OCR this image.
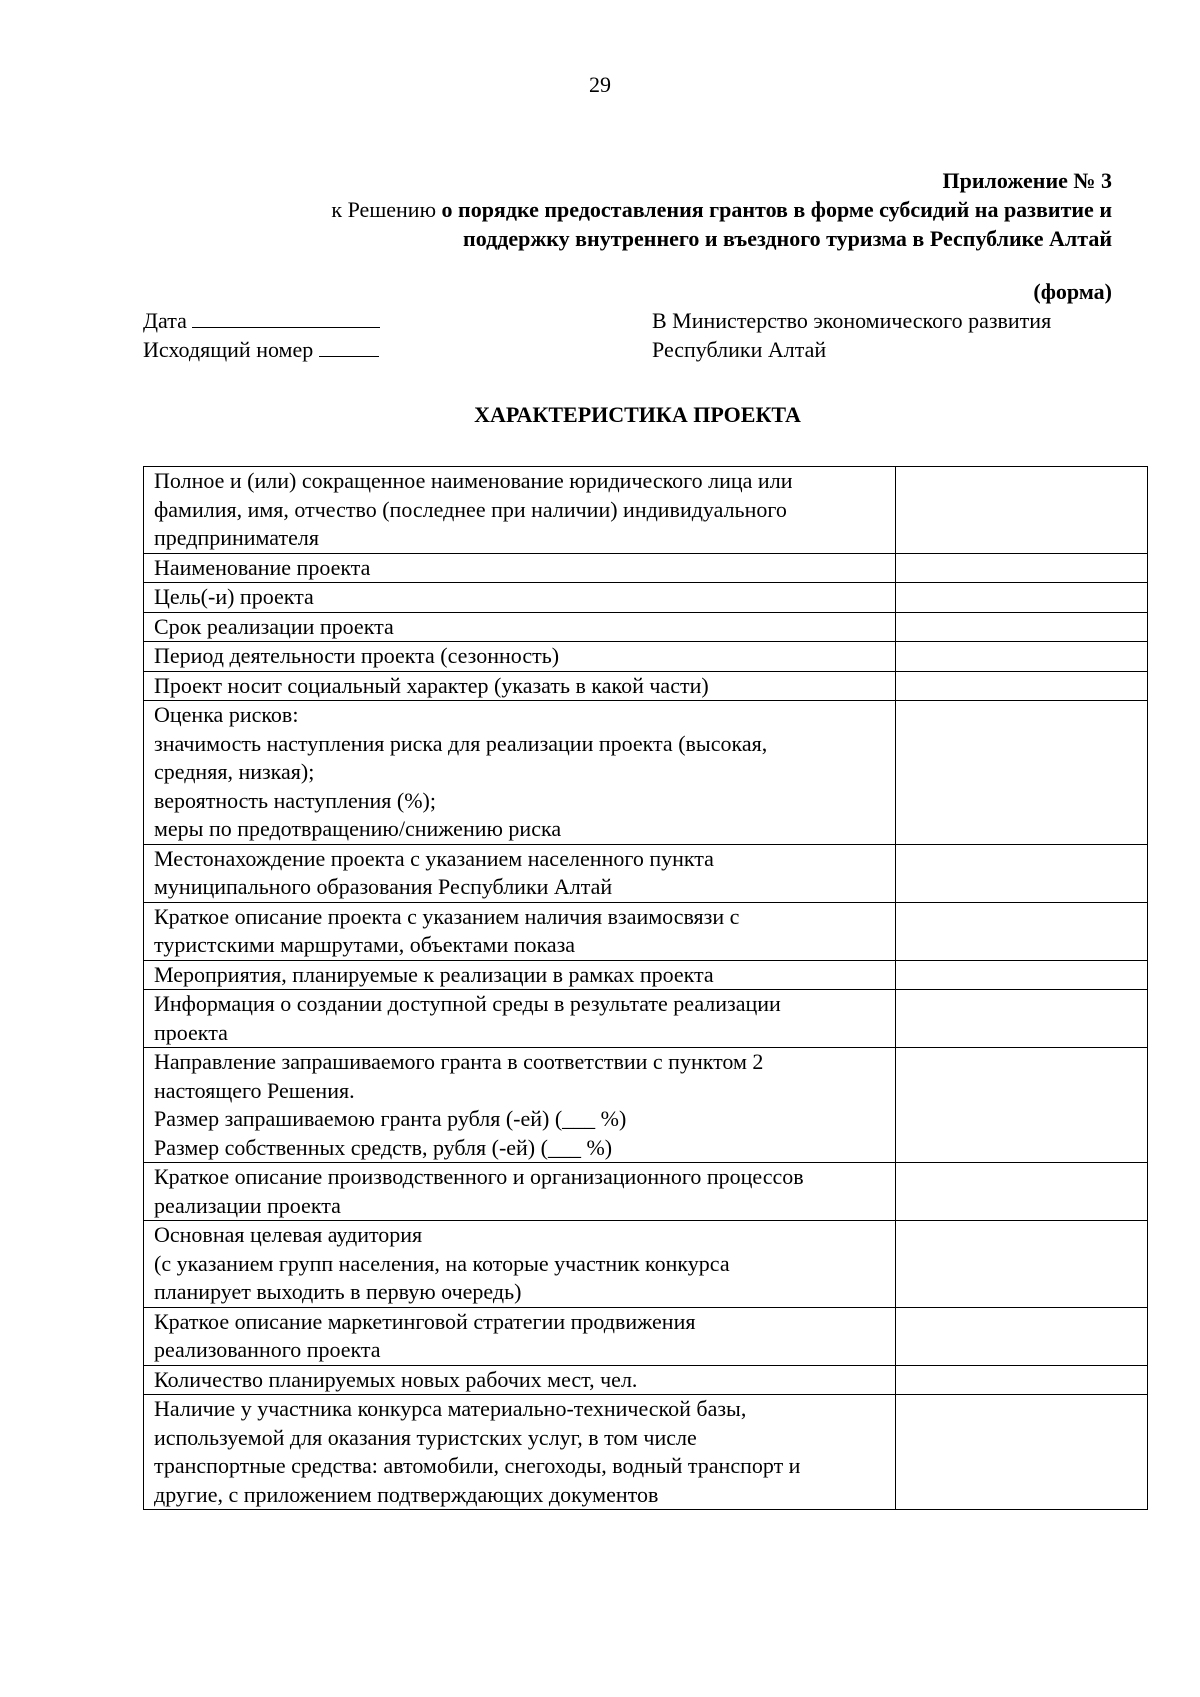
29
Приложение № 3
к Решению о порядке предоставления грантов в форме субсидий на развитие и
поддержку внутреннего и въездного туризма в Республике Алтай
(форма)
Дата
Исходящий номер
В Министерство экономического развития
Республики Алтай
ХАРАКТЕРИСТИКА ПРОЕКТА
Полное и (или) сокращенное наименование юридического лица или
фамилия, имя, отчество (последнее при наличии) индивидуального
предпринимателя	
Наименование проекта	
Цель(-и) проекта	
Срок реализации проекта	
Период деятельности проекта (сезонность)	
Проект носит социальный характер (указать в какой части)	
Оценка рисков:
значимость наступления риска для реализации проекта (высокая,
средняя, низкая);
вероятность наступления (%);
меры по предотвращению/снижению риска	
Местонахождение проекта с указанием населенного пункта
муниципального образования Республики Алтай	
Краткое описание проекта с указанием наличия взаимосвязи с
туристскими маршрутами, объектами показа	
Мероприятия, планируемые к реализации в рамках проекта	
Информация о создании доступной среды в результате реализации
проекта	
Направление запрашиваемого гранта в соответствии с пунктом 2
настоящего Решения.
Размер запрашиваемою гранта рубля (-ей) (___ %)
Размер собственных средств, рубля (-ей) (___ %)	
Краткое описание производственного и организационного процессов
реализации проекта	
Основная целевая аудитория
(с указанием групп населения, на которые участник конкурса
планирует выходить в первую очередь)	
Краткое описание маркетинговой стратегии продвижения
реализованного проекта	
Количество планируемых новых рабочих мест, чел.	
Наличие у участника конкурса материально-технической базы,
используемой для оказания туристских услуг, в том числе
транспортные средства: автомобили, снегоходы, водный транспорт и
другие, с приложением подтверждающих документов	
